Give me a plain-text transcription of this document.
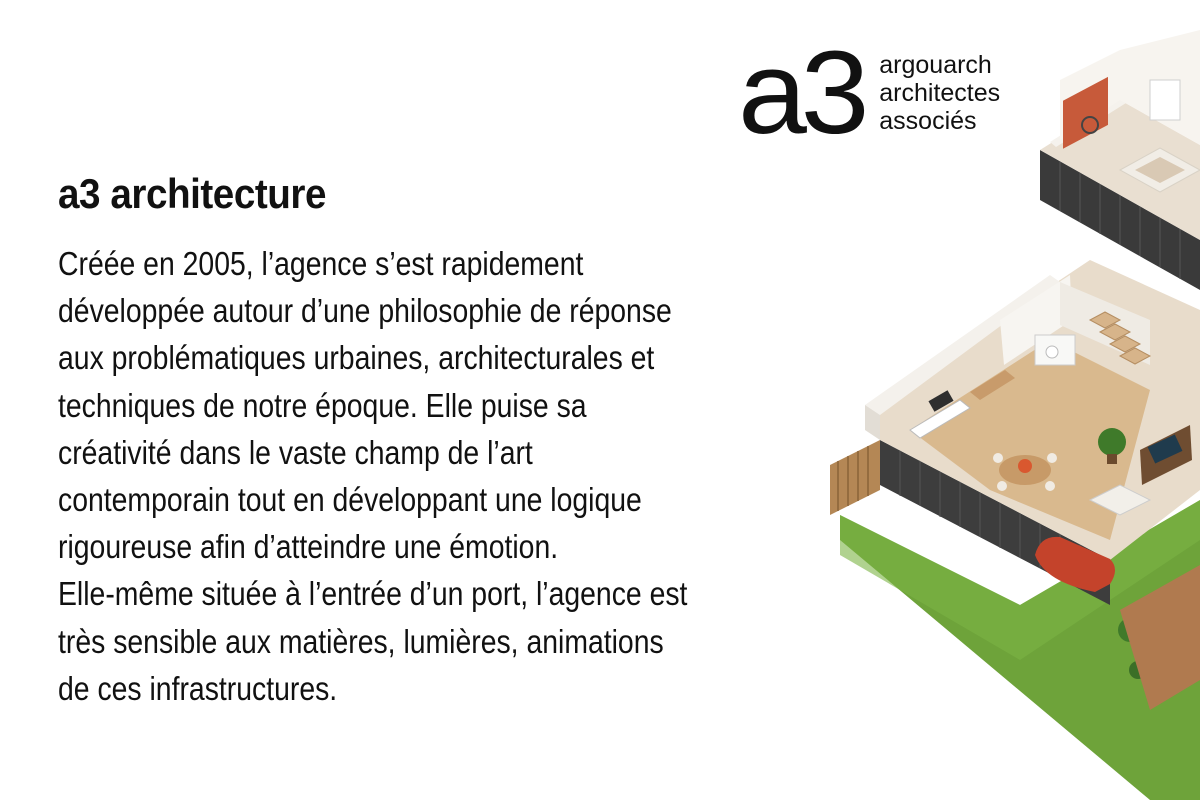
a3 argouarch
architectes
associés
a3 architecture

Créée en 2005, l’agence s’est rapidement
développée autour d’une philosophie de réponse
aux problématiques urbaines, architecturales et
techniques de notre époque. Elle puise sa
créativité dans le vaste champ de l’art
contemporain tout en développant une logique
rigoureuse afin d’atteindre une émotion.
Elle-même située à l’entrée d’un port, l’agence est
très sensible aux matières, lumières, animations
de ces infrastructures.
